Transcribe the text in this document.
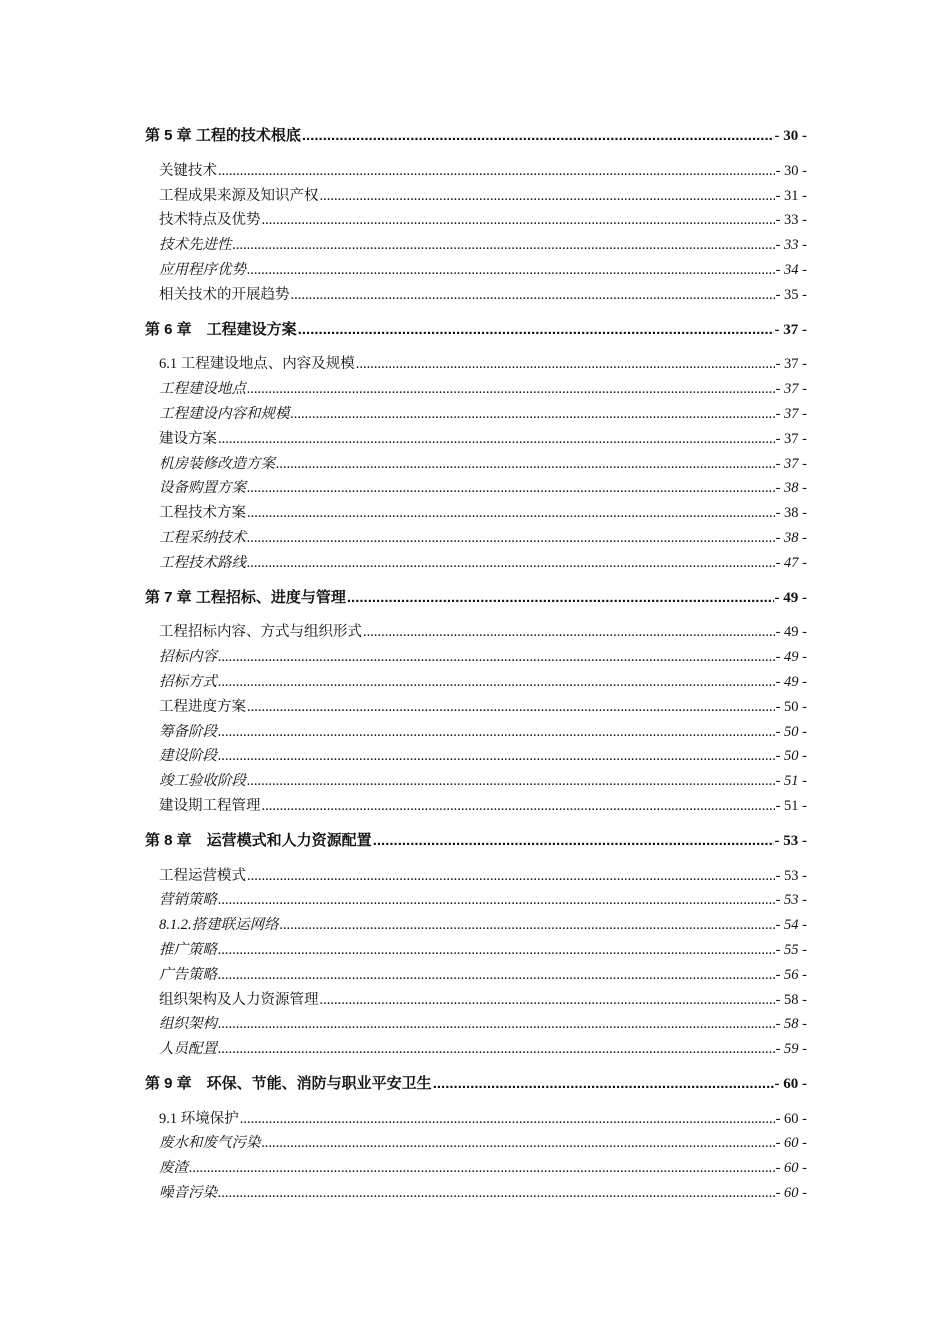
第 5 章 工程的技术根底 .....	- 30 -
关键技术 .....	- 30 -
工程成果来源及知识产权 .....	- 31 -
技术特点及优势 .....	- 33 -
技术先进性 .....	- 33 -
应用程序优势 .....	- 34 -
相关技术的开展趋势 .....	- 35 -
第 6 章　工程建设方案 .....	- 37 -
6.1 工程建设地点、内容及规模 .....	- 37 -
工程建设地点 .....	- 37 -
工程建设内容和规模 .....	- 37 -
建设方案 .....	- 37 -
机房装修改造方案 .....	- 37 -
设备购置方案 .....	- 38 -
工程技术方案 .....	- 38 -
工程采纳技术 .....	- 38 -
工程技术路线 .....	- 47 -
第 7 章 工程招标、进度与管理 .....	- 49 -
工程招标内容、方式与组织形式 .....	- 49 -
招标内容 .....	- 49 -
招标方式 .....	- 49 -
工程进度方案 .....	- 50 -
筹备阶段 .....	- 50 -
建设阶段 .....	- 50 -
竣工验收阶段 .....	- 51 -
建设期工程管理 .....	- 51 -
第 8 章　运营模式和人力资源配置 .....	- 53 -
工程运营模式 .....	- 53 -
营销策略 .....	- 53 -
8.1.2.搭建联运网络 .....	- 54 -
推广策略 .....	- 55 -
广告策略 .....	- 56 -
组织架构及人力资源管理 .....	- 58 -
组织架构 .....	- 58 -
人员配置 .....	- 59 -
第 9 章　环保、节能、消防与职业平安卫生 .....	- 60 -
9.1 环境保护 .....	- 60 -
废水和废气污染 .....	- 60 -
废渣 .....	- 60 -
噪音污染 .....	- 60 -
